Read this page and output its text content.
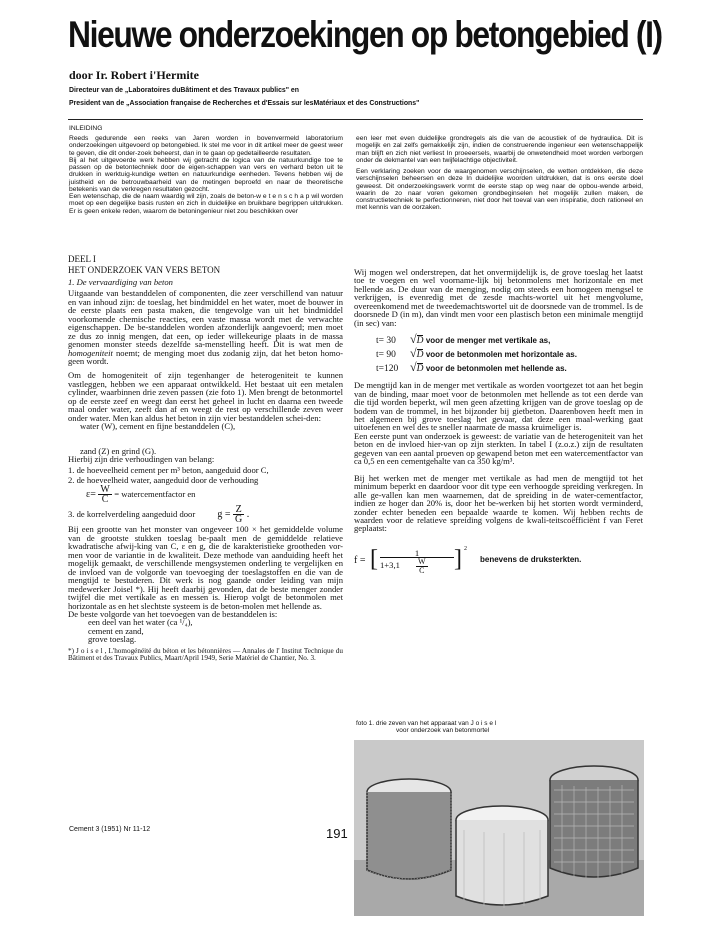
Nieuwe onderzoekingen op betongebied (I)
door Ir. Robert i'Hermite
Directeur van de „Laboratoires duBâtiment et des Travaux publics" en
President van de „Association française de Recherches et d'Essais sur lesMatériaux et des Constructions"
INLEIDING

Reeds gedurende een reeks van Jaren worden in bovenvermeld laboratorium onderzoekingen uitgevoerd op betongebied. Ik stel me voor in dit artikel meer de geest weer te geven, die dit onder-zoek beheerst, dan in te gaan op gedetailleerde resultaten.

Bij al het uitgevoerde werk hebben wij getracht de logica van de natuurkundige toe te passen op de betontechniek door de eigen-schappen van vers en verhard beton uit te drukken in werktuig-kundige wetten en natuurkundige eenheden. Tevens hebben wij de juistheid en de betrouwbaarheid van de metingen beproefd en naar de theoretische betekenis van de verkregen resultaten gezocht.

Een wetenschap, die de naam waardig wil zijn, zoals de beton-w e t e n s c h a p wil worden moet op een degelijke basis rusten en zich in duidelijke en bruikbare begrippen uitdrukken. Er is geen enkele reden, waarom de betoningenieur niet zou beschikken over

een leer met even duidelijke grondregels als die van de acoustiek of de hydraulica. Dit is mogelijk en zal zelfs gemakkelijk zijn, indien de construerende ingenieur een wetenschappelijk man blijft en zich niet verliest In proeeersels, waarbij de onwetendheid moet worden verborgen onder de dekmantel van een twijfelachtige objectiviteit.

Een verklaring zoeken voor de waargenomen verschijnselen, de wetten ontdekken, die deze verschijnselen beheersen en deze In duidelijke woorden uitdrukken, dat is ons eerste doel geweest. Dit onderzoekingswerk vormt de eerste stap op weg naar de opbou-wende arbeid, waarin de zo naar voren gekomen grondbeginselen het mogelijk zullen maken, de constructietechniek te perfectionneren, niet door het toeval van een inspiratie, doch rationeel en met kennis van de oorzaken.

DEEL I

HET ONDERZOEK VAN VERS BETON

1. De vervaardiging van beton

Uitgaande van bestanddelen of componenten, die zeer verschillend van natuur en van inhoud zijn: de toeslag, het bindmiddel en het water, moet de bouwer in de eerste plaats een pasta maken, die tengevolge van uit het bindmiddel voorkomende chemische reacties, een vaste massa wordt met de verwachte eigenschappen. De be-standdelen worden afzonderlijk aangevoerd; men moet ze dus zo innig mengen, dat een, op ieder willekeurige plaats in de massa genomen monster steeds dezelfde sa-menstelling heeft. Dit is wat men de homogeniteit noemt; de menging moet dus zodanig zijn, dat het beton homo-geen wordt.

Om de homogeniteit of zijn tegenhanger de heterogeniteit te kunnen vastleggen, hebben we een apparaat ontwikkeld. Het bestaat uit een metalen cylinder, waarbinnen drie zeven passen (zie foto 1). Men brengt de betonmortel op de eerste zeef en weegt dan eerst het geheel in lucht en daarna een tweede maal onder water, zeeft dan af en weegt de rest op verschillende zeven weer onder water. Men kan aldus het beton in zijn vier bestanddelen schei-den:

water (W), cement en fijne bestanddelen (C),

zand (Z) en grind (G).

Hierbij zijn drie verhoudingen van belang:

1. de hoeveelheid cement per m³ beton, aangeduid door C,

2. de hoeveelheid water, aangeduid door de verhouding

$\varepsilon= \frac{W}{C}$ = watercementfactor en
3. de korrelverdeling aangeduid door $g = \frac{Z}{G}$ .

Bij een grootte van het monster van ongeveer 100 × het gemiddelde volume van de grootste stukken toeslag be-paalt men de gemiddelde relatieve kwadratische afwij-king van C, ε en g, die de karakteristieke grootheden vor-men voor de variantie in de kwaliteit. Deze methode van aanduiding heeft het mogelijk gemaakt, de verschillende mengsystemen onderling te vergelijken en de invloed van de volgorde van toevoeging der toeslagstoffen en die van de mengtijd te bestuderen. Dit werk is nog gaande onder leiding van mijn medewerker Joisel *). Hij heeft daarbij gevonden, dat de beste menger zonder twijfel die met vertikale as en messen is. Hierop volgt de betonmolen met horizontale as en het slechtste systeem is de beton-molen met hellende as.

De beste volgorde van het toevoegen van de bestanddelen is:

een deel van het water (ca ¹/₄),

cement en zand,

grove toeslag.

*) J o i s e l , L'homogénéité du béton et les bétonnières — Annales de l' Institut Technique du Bâtiment et des Travaux Publics, Maart/April 1949, Serie Matériel de Chantier, No. 3.

Wij mogen wel onderstrepen, dat het onvermijdelijk is, de grove toeslag het laatst toe te voegen en wel voorname-lijk bij betonmolens met horizontale en met hellende as. De duur van de menging, nodig om steeds een homogeen mengsel te verkrijgen, is evenredig met de zesde machts-wortel uit het mengvolume, overeenkomend met de tweedemachtswortel uit de doorsnede van de trommel. Is de doorsnede D (in m), dan vindt men voor een plastisch beton een minimale mengtijd (in sec) van:

t= 30 √D voor de menger met vertikale as,
t= 90 √D voor de betonmolen met horizontale as.
t=120 √D voor de betonmolen met hellende as.

De mengtijd kan in de menger met vertikale as worden voortgezet tot aan het begin van de binding, maar moet voor de betonmolen met hellende as tot een derde van die tijd worden beperkt, wil men geen afzetting krijgen van de grove toeslag op de bodem van de trommel, in het bijzonder bij gietbeton. Daarenboven heeft men in het algemeen bij grove toeslag het gevaar, dat deze een maal-werking gaat uitoefenen en wel des te sneller naarmate de massa kruimeliger is.

Een eerste punt van onderzoek is geweest: de variatie van de heterogeniteit van het beton en de invloed hier-van op zijn sterkten. In tabel I (z.o.z.) zijn de resultaten gegeven van een aantal proeven op gewapend beton met een watercementfactor van ca 0,5 en een cementgehalte van ca 350 kg/m³.

Bij het werken met de menger met vertikale as had men de mengtijd tot het minimum beperkt en daardoor voor dit type een verhoogde spreiding verkregen. In alle ge-vallen kan men waarnemen, dat de spreiding in de water-cementfactor, indien ze hoger dan 20% is, door het be-werken bij het storten wordt verminderd, zonder echter beneden een bepaalde waarde te komen. Wij hebben rechts de waarden voor de relatieve spreiding volgens de kwali-teitscoëfficiënt f van Feret geplaatst:

f = [	1
$1+3,1 \frac{W}{C}$ ] 2
benevens de druksterkten.

foto 1. drie zeven van het apparaat van J o i s e l

voor onderzoek van betonmortel

Cement 3 (1951) Nr 11-12	191
